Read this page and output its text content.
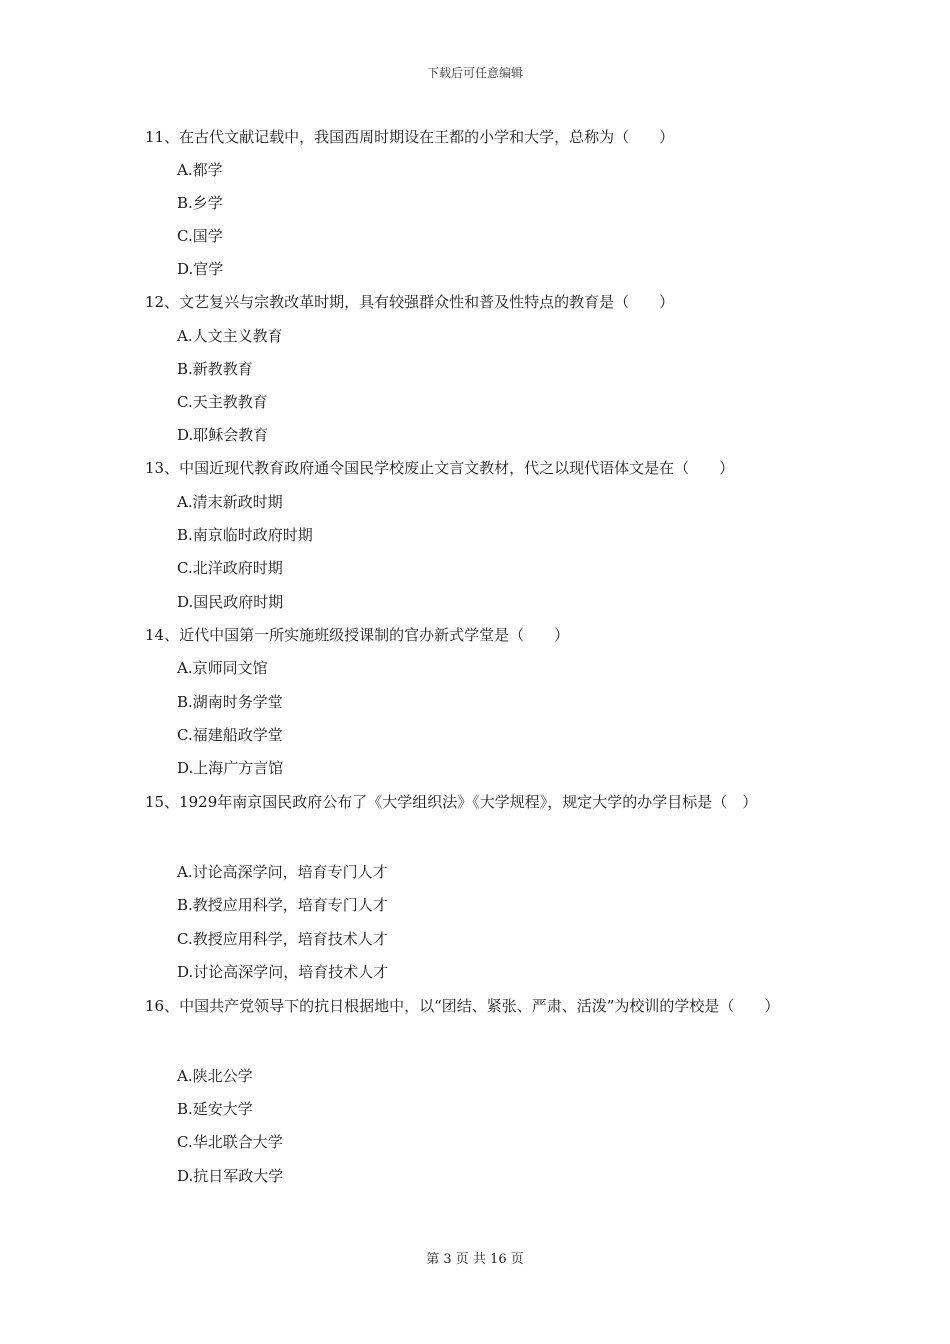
下载后可任意编辑
11、在古代文献记载中，我国西周时期设在王都的小学和大学，总称为（　　）
A.都学
B.乡学
C.国学
D.官学
12、文艺复兴与宗教改革时期，具有较强群众性和普及性特点的教育是（　　）
A.人文主义教育
B.新教教育
C.天主教教育
D.耶稣会教育
13、中国近现代教育政府通令国民学校废止文言文教材，代之以现代语体文是在（　　）
A.清末新政时期
B.南京临时政府时期
C.北洋政府时期
D.国民政府时期
14、近代中国第一所实施班级授课制的官办新式学堂是（　　）
A.京师同文馆
B.湖南时务学堂
C.福建船政学堂
D.上海广方言馆
15、1929年南京国民政府公布了《大学组织法》《大学规程》，规定大学的办学目标是（　）
A.讨论高深学问，培育专门人才
B.教授应用科学，培育专门人才
C.教授应用科学，培育技术人才
D.讨论高深学问，培育技术人才
16、中国共产党领导下的抗日根据地中，以“团结、紧张、严肃、活泼”为校训的学校是（　　）
A.陕北公学
B.延安大学
C.华北联合大学
D.抗日军政大学
第 3 页 共 16 页
